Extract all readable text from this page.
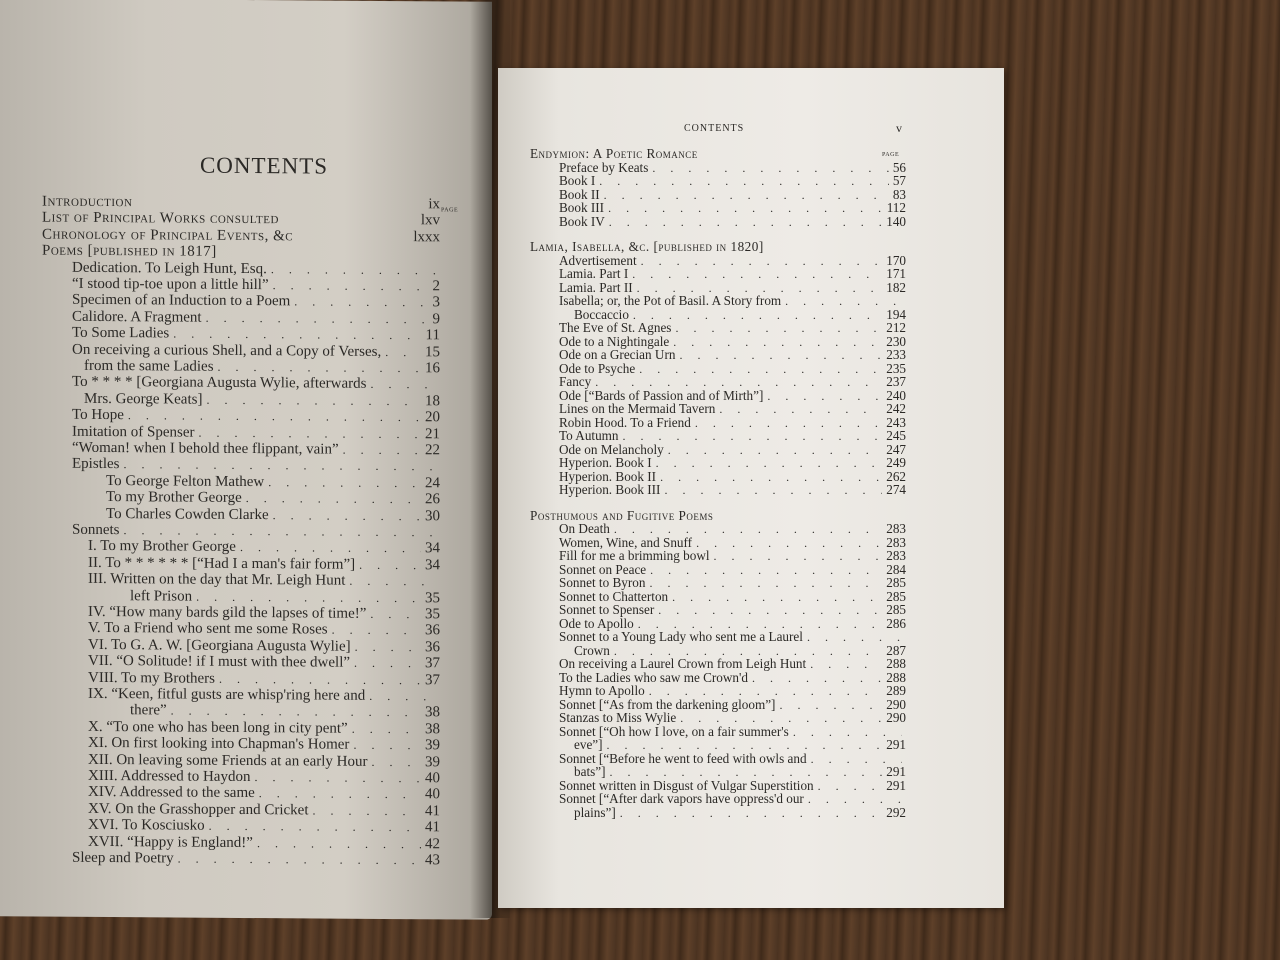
CONTENTS
PAGE
Introduction	ix
List of Principal Works consulted	lxv
Chronology of Principal Events, &c	lxxx
Poems [published in 1817]
Dedication. To Leigh Hunt, Esq.
. . .
“I stood tip-toe upon a little hill” . . .	2
Specimen of an Induction to a Poem . . .	3
Calidore. A Fragment . . .	9
To Some Ladies . . .	11
On receiving a curious Shell, and a Copy of Verses, . . .	15
from the same Ladies . . .	16
To * * * * [Georgiana Augusta Wylie, afterwards
. . .
Mrs. George Keats] . . .	18
To Hope . . .	20
Imitation of Spenser . . .	21
“Woman! when I behold thee flippant, vain” . . .	22
Epistles
. . .
To George Felton Mathew . . .	24
To my Brother George . . .	26
To Charles Cowden Clarke . . .	30
Sonnets
. . .
I. To my Brother George . . .	34
II. To * * * * * * [“Had I a man's fair form”] . . .	34
III. Written on the day that Mr. Leigh Hunt
. . .
left Prison . . .	35
IV. “How many bards gild the lapses of time!” . . .	35
V. To a Friend who sent me some Roses . . .	36
VI. To G. A. W. [Georgiana Augusta Wylie] . . .	36
VII. “O Solitude! if I must with thee dwell” . . .	37
VIII. To my Brothers . . .	37
IX. “Keen, fitful gusts are whisp'ring here and
. . .
there” . . .	38
X. “To one who has been long in city pent” . . .	38
XI. On first looking into Chapman's Homer . . .	39
XII. On leaving some Friends at an early Hour . . .	39
XIII. Addressed to Haydon . . .	40
XIV. Addressed to the same . . .	40
XV. On the Grasshopper and Cricket . . .	41
XVI. To Kosciusko . . .	41
XVII. “Happy is England!” . . .	42
Sleep and Poetry . . .	43
CONTENTS	v
PAGE
Endymion: A Poetic Romance
Preface by Keats . . .	56
Book I . . .	57
Book II . . .	83
Book III . . .	112
Book IV . . .	140
Lamia, Isabella, &c. [published in 1820]
Advertisement . . .	170
Lamia. Part I . . .	171
Lamia. Part II . . .	182
Isabella; or, the Pot of Basil. A Story from
. . .
Boccaccio . . .	194
The Eve of St. Agnes . . .	212
Ode to a Nightingale . . .	230
Ode on a Grecian Urn . . .	233
Ode to Psyche . . .	235
Fancy . . .	237
Ode [“Bards of Passion and of Mirth”] . . .	240
Lines on the Mermaid Tavern . . .	242
Robin Hood. To a Friend . . .	243
To Autumn . . .	245
Ode on Melancholy . . .	247
Hyperion. Book I . . .	249
Hyperion. Book II . . .	262
Hyperion. Book III . . .	274
Posthumous and Fugitive Poems
On Death . . .	283
Women, Wine, and Snuff . . .	283
Fill for me a brimming bowl . . .	283
Sonnet on Peace . . .	284
Sonnet to Byron . . .	285
Sonnet to Chatterton . . .	285
Sonnet to Spenser . . .	285
Ode to Apollo . . .	286
Sonnet to a Young Lady who sent me a Laurel
. . .
Crown . . .	287
On receiving a Laurel Crown from Leigh Hunt . . .	288
To the Ladies who saw me Crown'd . . .	288
Hymn to Apollo . . .	289
Sonnet [“As from the darkening gloom”] . . .	290
Stanzas to Miss Wylie . . .	290
Sonnet [“Oh how I love, on a fair summer's
. . .
eve”] . . .	291
Sonnet [“Before he went to feed with owls and
. . .
bats”] . . .	291
Sonnet written in Disgust of Vulgar Superstition . . .	291
Sonnet [“After dark vapors have oppress'd our
. . .
plains”] . . .	292
